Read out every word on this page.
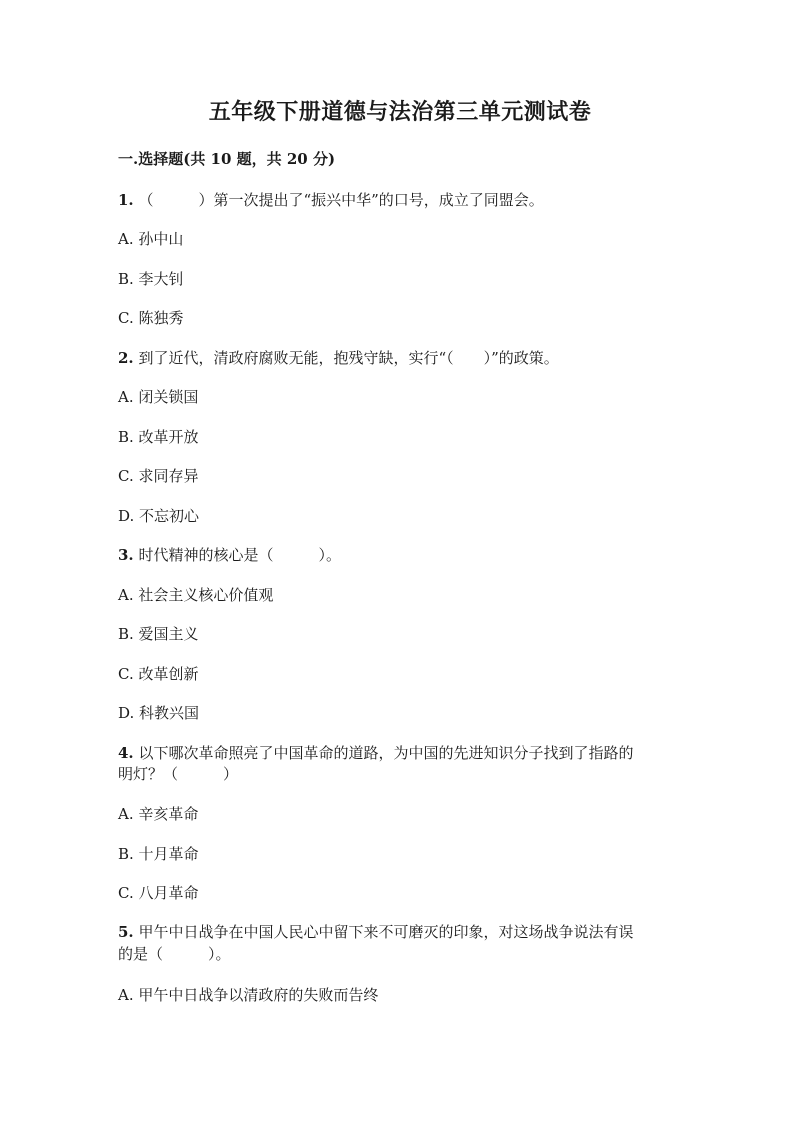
五年级下册道德与法治第三单元测试卷
一.选择题(共 10 题，共 20 分)
1. （　　　）第一次提出了“振兴中华”的口号，成立了同盟会。
A. 孙中山
B. 李大钊
C. 陈独秀
2. 到了近代，清政府腐败无能，抱残守缺，实行“（　　）”的政策。
A. 闭关锁国
B. 改革开放
C. 求同存异
D. 不忘初心
3. 时代精神的核心是（　　　）。
A. 社会主义核心价值观
B. 爱国主义
C. 改革创新
D. 科教兴国
4. 以下哪次革命照亮了中国革命的道路，为中国的先进知识分子找到了指路的
明灯？（　　　）
A. 辛亥革命
B. 十月革命
C. 八月革命
5. 甲午中日战争在中国人民心中留下来不可磨灭的印象，对这场战争说法有误
的是（　　　）。
A. 甲午中日战争以清政府的失败而告终
